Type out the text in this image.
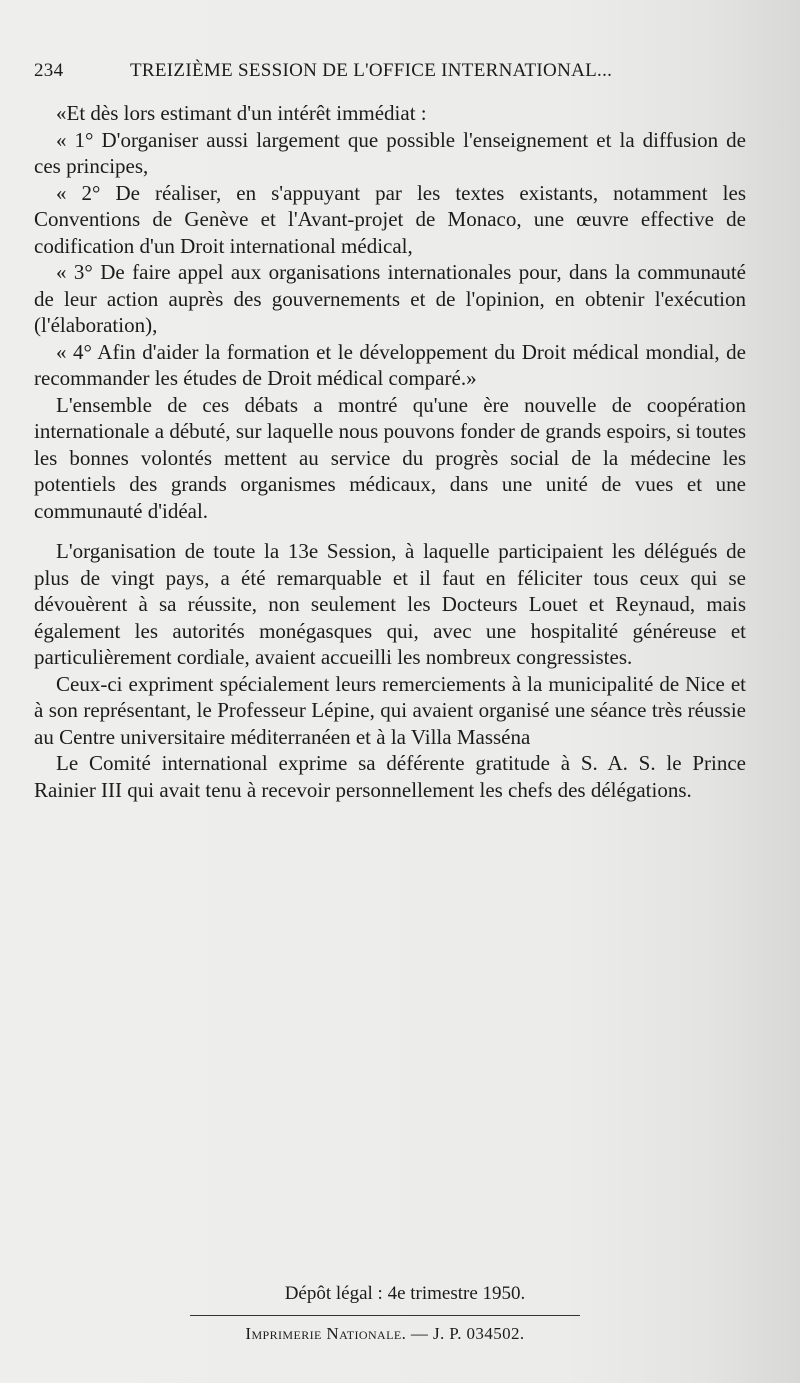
234	TREIZIÈME SESSION DE L'OFFICE INTERNATIONAL...

«Et dès lors estimant d'un intérêt immédiat :

« 1° D'organiser aussi largement que possible l'enseignement et la diffusion de ces principes,

« 2° De réaliser, en s'appuyant par les textes existants, notamment les Conventions de Genève et l'Avant-projet de Monaco, une œuvre effective de codification d'un Droit international médical,

« 3° De faire appel aux organisations internationales pour, dans la communauté de leur action auprès des gouvernements et de l'opinion, en obtenir l'exécution (l'élaboration),

« 4° Afin d'aider la formation et le développement du Droit médical mondial, de recommander les études de Droit médical comparé.»

L'ensemble de ces débats a montré qu'une ère nouvelle de coopération internationale a débuté, sur laquelle nous pouvons fonder de grands espoirs, si toutes les bonnes volontés mettent au service du progrès social de la médecine les potentiels des grands organismes médicaux, dans une unité de vues et une communauté d'idéal.

L'organisation de toute la 13e Session, à laquelle participaient les délégués de plus de vingt pays, a été remarquable et il faut en féliciter tous ceux qui se dévouèrent à sa réussite, non seulement les Docteurs Louet et Reynaud, mais également les autorités monégasques qui, avec une hospitalité généreuse et particulièrement cordiale, avaient accueilli les nombreux congressistes.

Ceux-ci expriment spécialement leurs remerciements à la municipalité de Nice et à son représentant, le Professeur Lépine, qui avaient organisé une séance très réussie au Centre universitaire méditerranéen et à la Villa Masséna

Le Comité international exprime sa déférente gratitude à S. A. S. le Prince Rainier III qui avait tenu à recevoir personnellement les chefs des délégations.

Dépôt légal : 4e trimestre 1950.
Imprimerie Nationale. — J. P. 034502.
